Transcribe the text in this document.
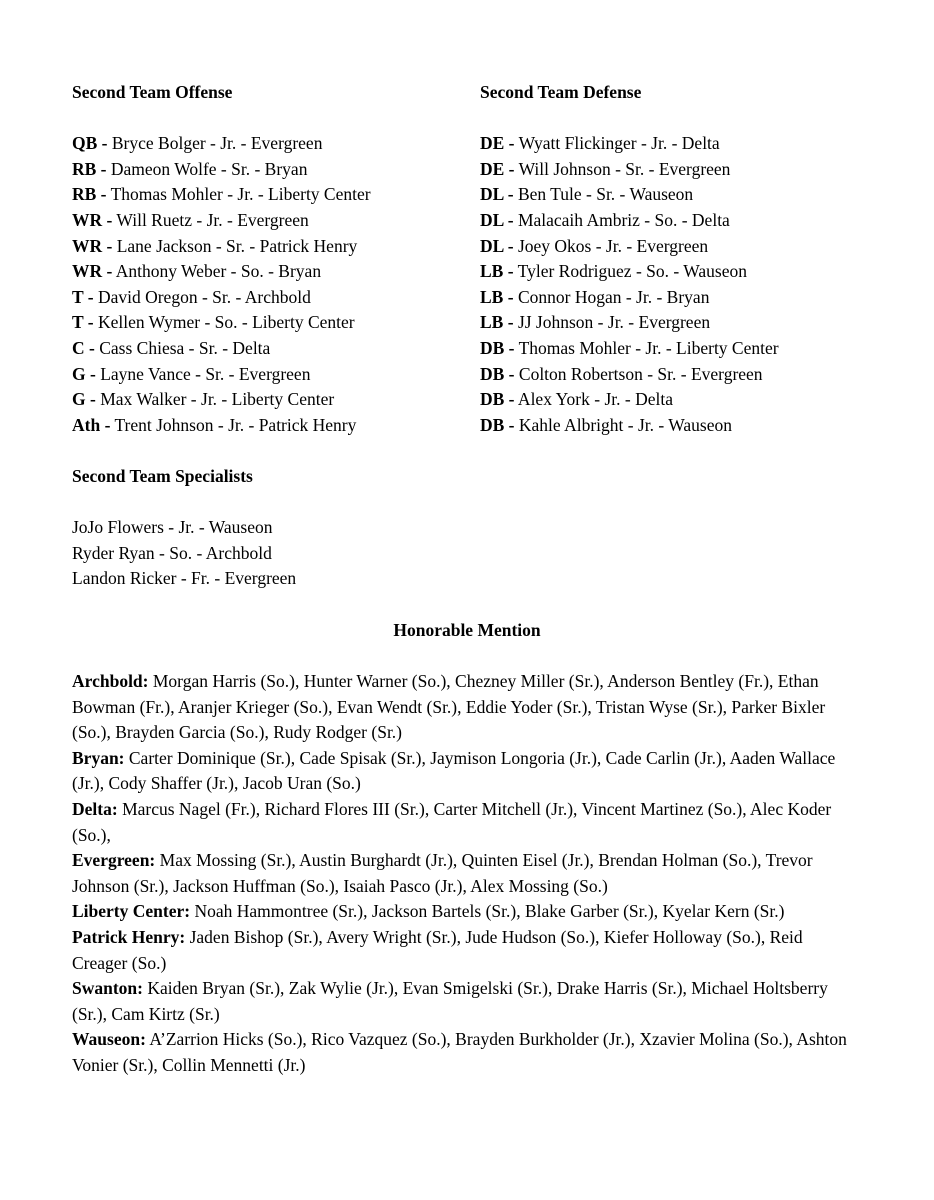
Second Team Offense
QB - Bryce Bolger - Jr. - Evergreen
RB - Dameon Wolfe - Sr. - Bryan
RB - Thomas Mohler - Jr. - Liberty Center
WR - Will Ruetz - Jr. - Evergreen
WR - Lane Jackson - Sr. - Patrick Henry
WR - Anthony Weber - So. - Bryan
T - David Oregon - Sr. - Archbold
T - Kellen Wymer - So. - Liberty Center
C - Cass Chiesa - Sr. - Delta
G - Layne Vance - Sr. - Evergreen
G - Max Walker - Jr. - Liberty Center
Ath - Trent Johnson - Jr. - Patrick Henry
Second Team Defense
DE - Wyatt Flickinger - Jr. - Delta
DE - Will Johnson - Sr. - Evergreen
DL - Ben Tule - Sr. - Wauseon
DL - Malacaih Ambriz - So. - Delta
DL - Joey Okos - Jr. - Evergreen
LB - Tyler Rodriguez - So. - Wauseon
LB - Connor Hogan - Jr. - Bryan
LB - JJ Johnson - Jr. - Evergreen
DB - Thomas Mohler - Jr. - Liberty Center
DB - Colton Robertson - Sr. - Evergreen
DB - Alex York - Jr. - Delta
DB - Kahle Albright - Jr. - Wauseon
Second Team Specialists
JoJo Flowers - Jr. - Wauseon
Ryder Ryan - So. - Archbold
Landon Ricker - Fr. - Evergreen
Honorable Mention
Archbold: Morgan Harris (So.), Hunter Warner (So.), Chezney Miller (Sr.), Anderson Bentley (Fr.), Ethan Bowman (Fr.), Aranjer Krieger (So.), Evan Wendt (Sr.), Eddie Yoder (Sr.), Tristan Wyse (Sr.), Parker Bixler (So.), Brayden Garcia (So.), Rudy Rodger (Sr.)
Bryan: Carter Dominique (Sr.), Cade Spisak (Sr.), Jaymison Longoria (Jr.), Cade Carlin (Jr.), Aaden Wallace (Jr.), Cody Shaffer (Jr.), Jacob Uran (So.)
Delta: Marcus Nagel (Fr.), Richard Flores III (Sr.), Carter Mitchell (Jr.), Vincent Martinez (So.), Alec Koder (So.),
Evergreen: Max Mossing (Sr.), Austin Burghardt (Jr.), Quinten Eisel (Jr.), Brendan Holman (So.), Trevor Johnson (Sr.), Jackson Huffman (So.), Isaiah Pasco (Jr.), Alex Mossing (So.)
Liberty Center: Noah Hammontree (Sr.), Jackson Bartels (Sr.), Blake Garber (Sr.), Kyelar Kern (Sr.)
Patrick Henry: Jaden Bishop (Sr.), Avery Wright (Sr.), Jude Hudson (So.), Kiefer Holloway (So.), Reid Creager (So.)
Swanton: Kaiden Bryan (Sr.), Zak Wylie (Jr.), Evan Smigelski (Sr.), Drake Harris (Sr.), Michael Holtsberry (Sr.), Cam Kirtz (Sr.)
Wauseon: A’Zarrion Hicks (So.), Rico Vazquez (So.), Brayden Burkholder (Jr.), Xzavier Molina (So.), Ashton Vonier (Sr.), Collin Mennetti (Jr.)
